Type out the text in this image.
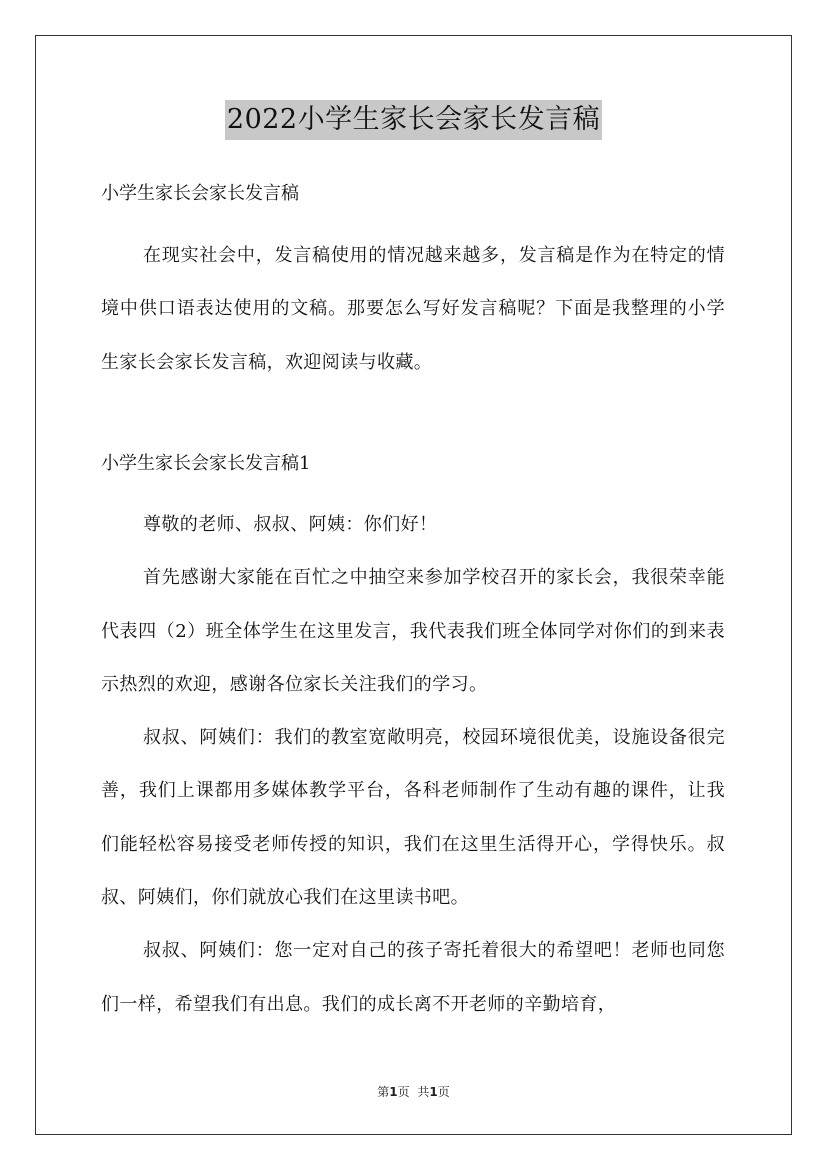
2022小学生家长会家长发言稿

小学生家长会家长发言稿

在现实社会中，发言稿使用的情况越来越多，发言稿是作为在特定的情境中供口语表达使用的文稿。那要怎么写好发言稿呢？下面是我整理的小学生家长会家长发言稿，欢迎阅读与收藏。

小学生家长会家长发言稿1

尊敬的老师、叔叔、阿姨：你们好！

首先感谢大家能在百忙之中抽空来参加学校召开的家长会，我很荣幸能代表四（2）班全体学生在这里发言，我代表我们班全体同学对你们的到来表示热烈的欢迎，感谢各位家长关注我们的学习。

叔叔、阿姨们：我们的教室宽敞明亮，校园环境很优美，设施设备很完善，我们上课都用多媒体教学平台，各科老师制作了生动有趣的课件，让我们能轻松容易接受老师传授的知识，我们在这里生活得开心，学得快乐。叔叔、阿姨们，你们就放心我们在这里读书吧。

叔叔、阿姨们：您一定对自己的孩子寄托着很大的希望吧！老师也同您们一样，希望我们有出息。我们的成长离不开老师的辛勤培育，

第1页 共1页
